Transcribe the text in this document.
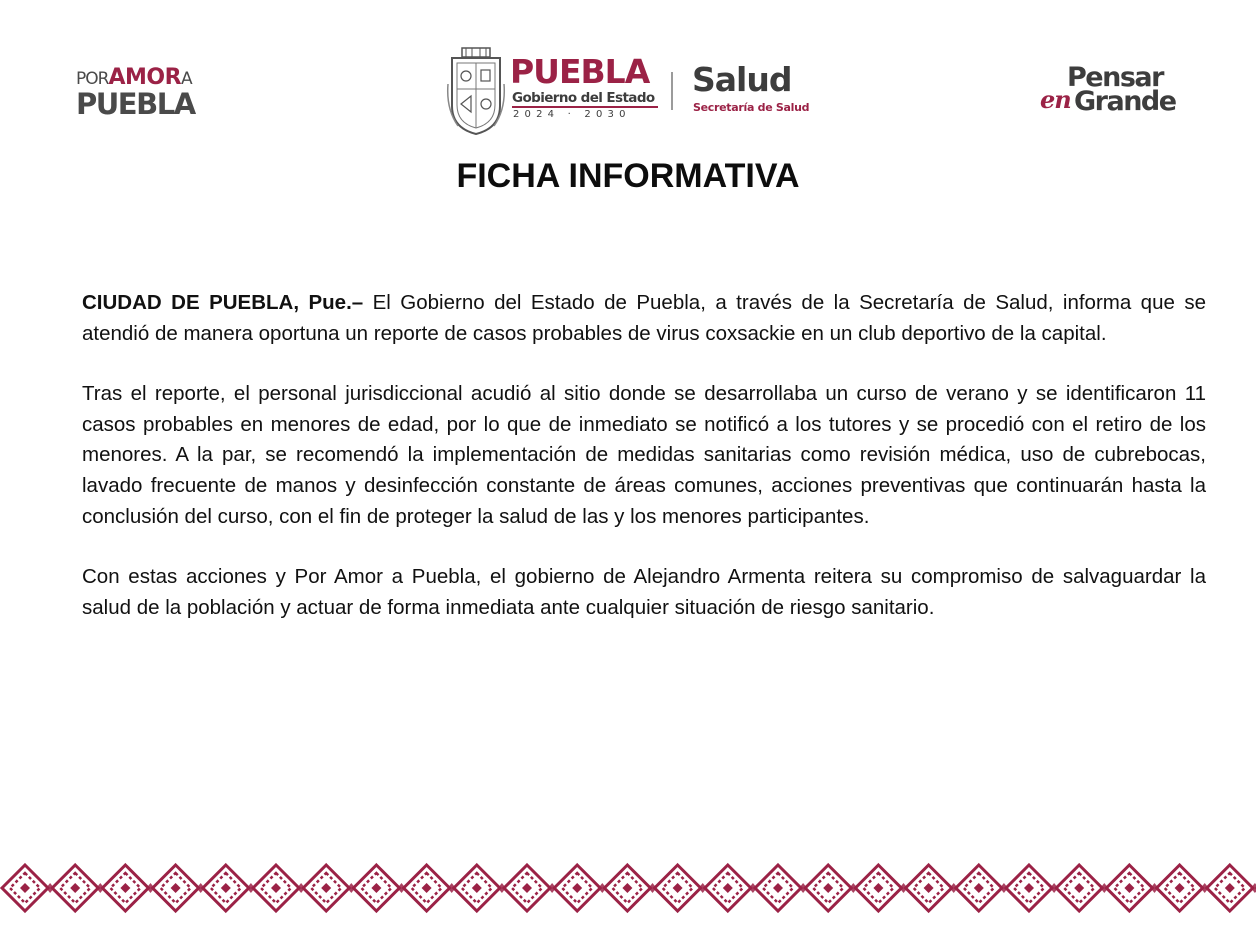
PORAMORA
PUEBLA
PUEBLA
Gobierno del Estado
2024 · 2030
Salud
Secretaría de Salud
Pensar
en Grande
FICHA INFORMATIVA

CIUDAD DE PUEBLA, Pue.– El Gobierno del Estado de Puebla, a través de la Secretaría de Salud, informa que se atendió de manera oportuna un reporte de casos probables de virus coxsackie en un club deportivo de la capital.

Tras el reporte, el personal jurisdiccional acudió al sitio donde se desarrollaba un curso de verano y se identificaron 11 casos probables en menores de edad, por lo que de inmediato se notificó a los tutores y se procedió con el retiro de los menores. A la par, se recomendó la implementación de medidas sanitarias como revisión médica, uso de cubrebocas, lavado frecuente de manos y desinfección constante de áreas comunes, acciones preventivas que continuarán hasta la conclusión del curso, con el fin de proteger la salud de las y los menores participantes.

Con estas acciones y Por Amor a Puebla, el gobierno de Alejandro Armenta reitera su compromiso de salvaguardar la salud de la población y actuar de forma inmediata ante cualquier situación de riesgo sanitario.
